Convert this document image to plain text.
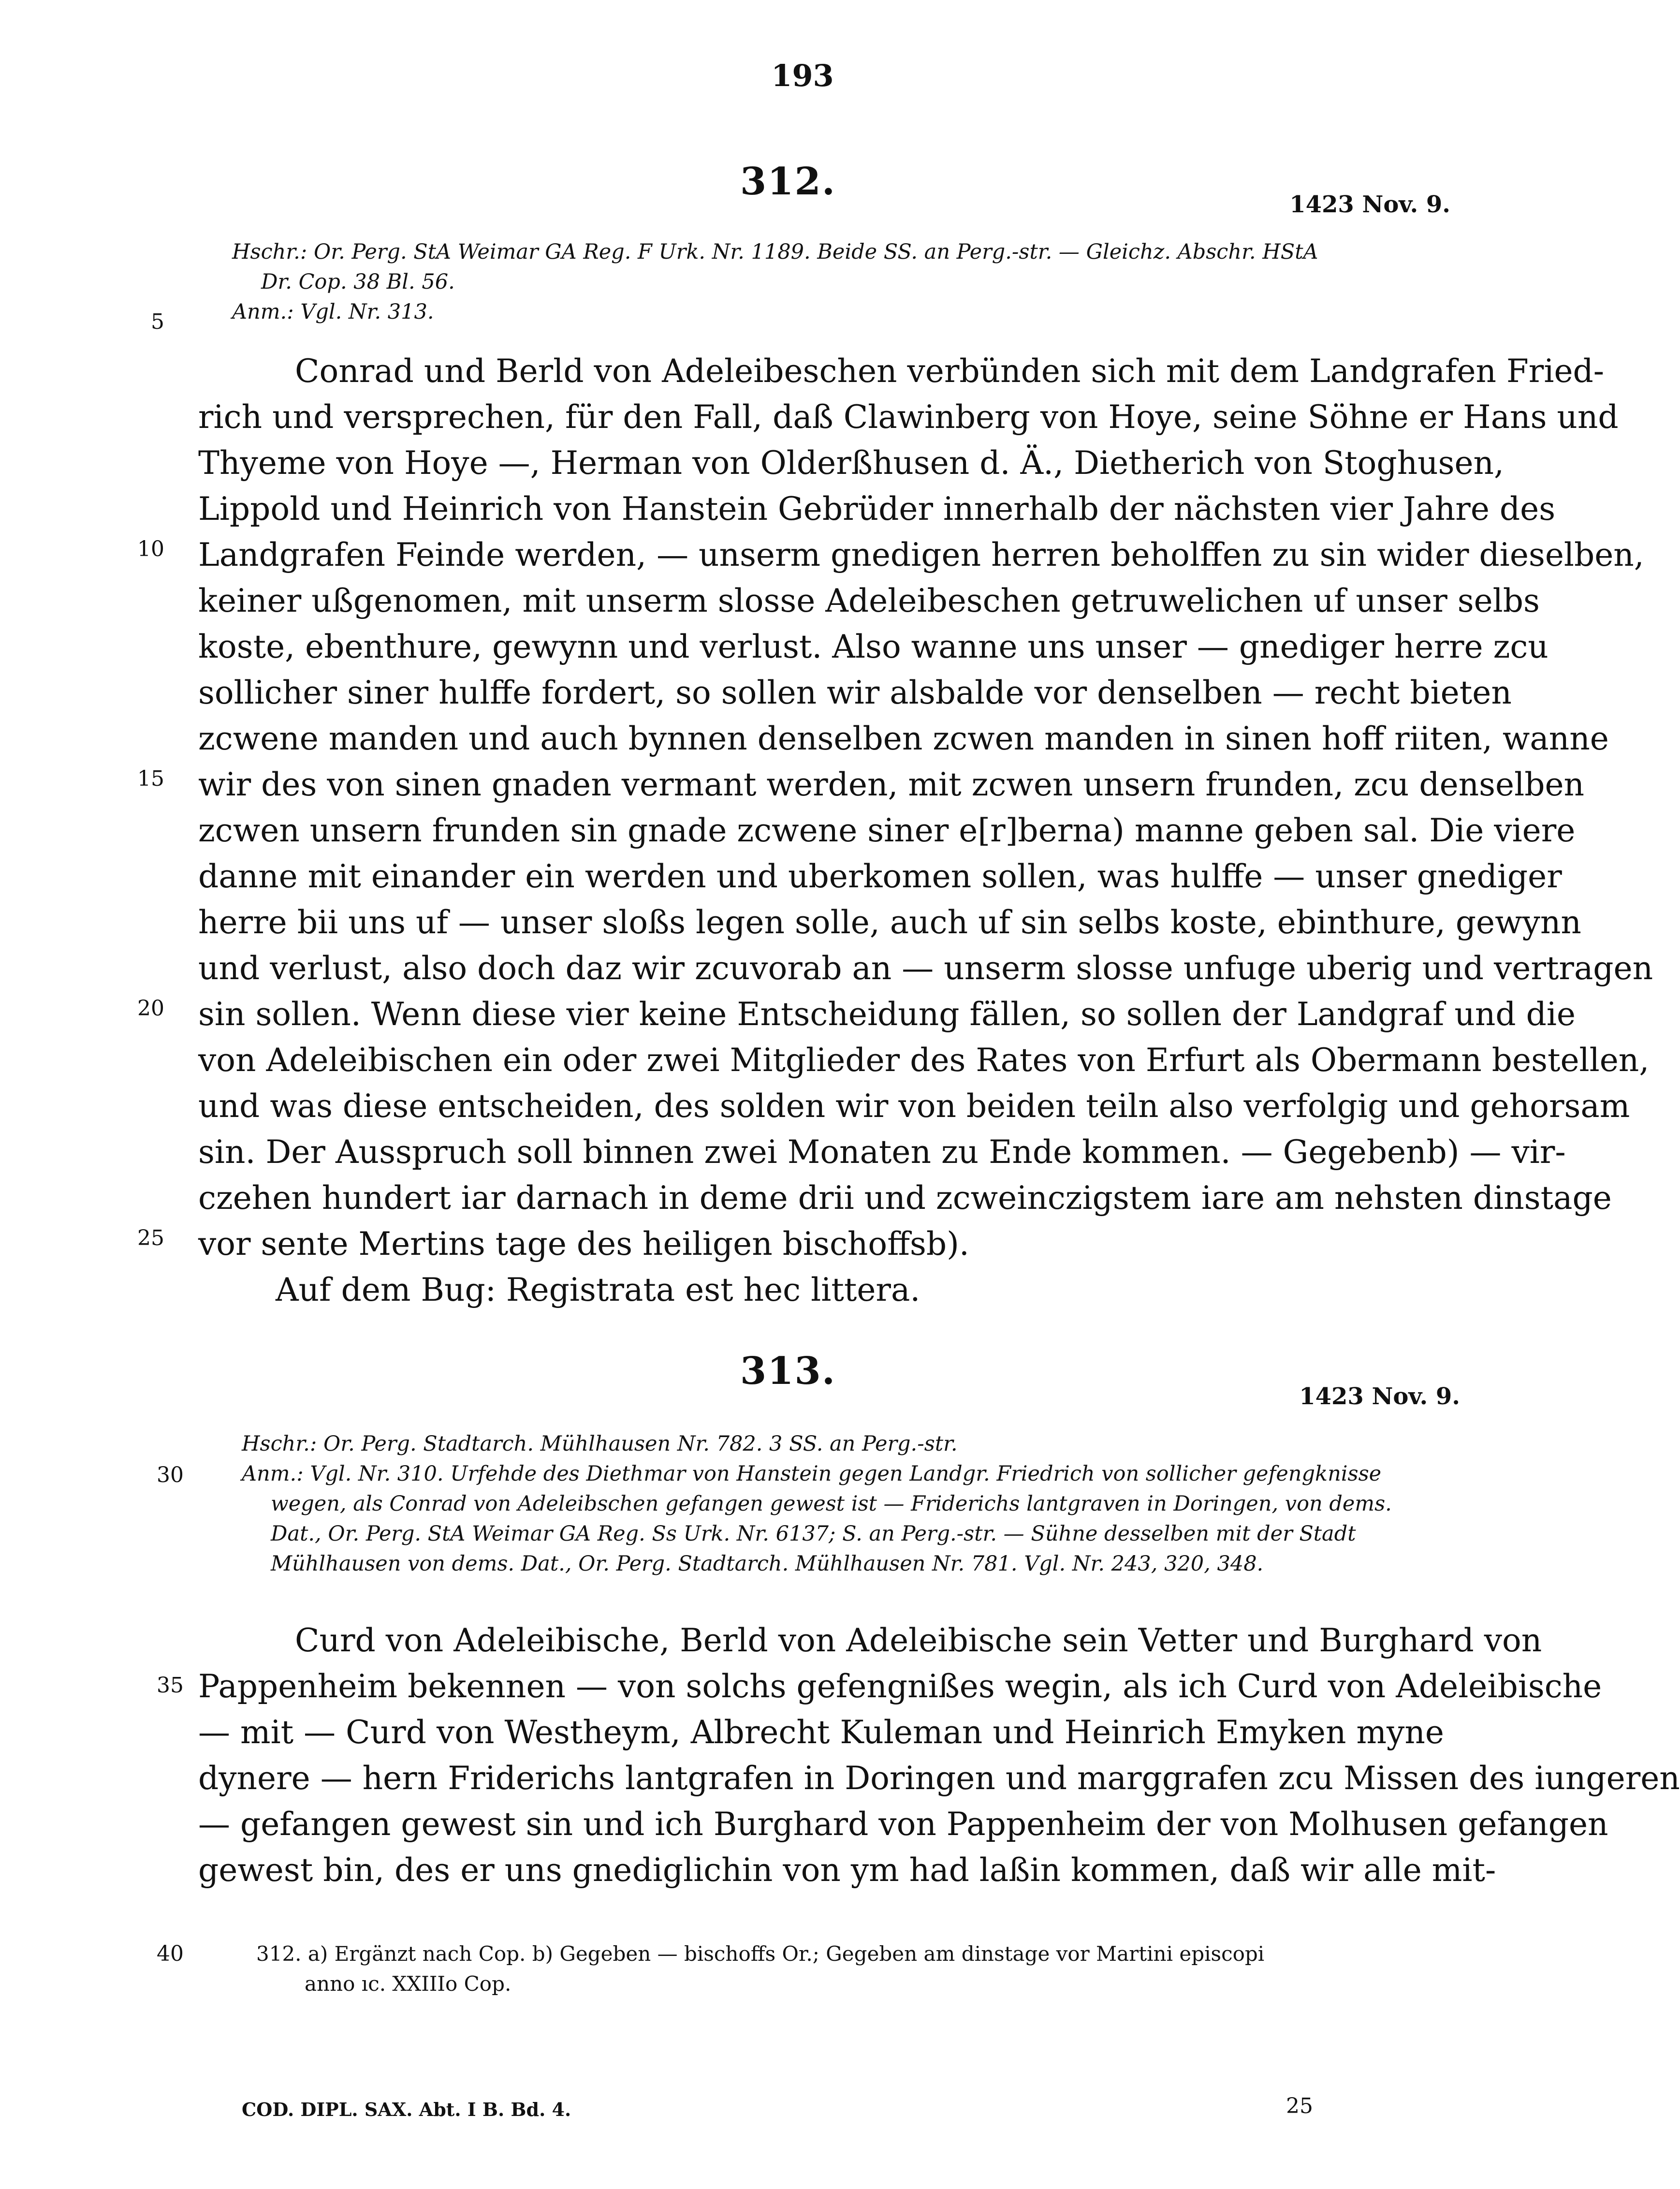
193
312.
1423 Nov. 9.
Hschr.: Or. Perg. StA Weimar GA Reg. F Urk. Nr. 1189. Beide SS. an Perg.-str. — Gleichz. Abschr. HStA
Dr. Cop. 38 Bl. 56.
Anm.: Vgl. Nr. 313.
Conrad und Berld von Adeleibeschen verbünden sich mit dem Landgrafen Fried-
rich und versprechen, für den Fall, daß Clawinberg von Hoye, seine Söhne er Hans und
Thyeme von Hoye —, Herman von Olderßhusen d. Ä., Dietherich von Stoghusen,
Lippold und Heinrich von Hanstein Gebrüder innerhalb der nächsten vier Jahre des
Landgrafen Feinde werden, — unserm gnedigen herren beholffen zu sin wider dieselben,
keiner ußgenomen, mit unserm slosse Adeleibeschen getruwelichen uf unser selbs
koste, ebenthure, gewynn und verlust. Also wanne uns unser — gnediger herre zcu
sollicher siner hulffe fordert, so sollen wir alsbalde vor denselben — recht bieten
zcwene manden und auch bynnen denselben zcwen manden in sinen hoff riiten, wanne
wir des von sinen gnaden vermant werden, mit zcwen unsern frunden, zcu denselben
zcwen unsern frunden sin gnade zcwene siner e[r]berna) manne geben sal. Die viere
danne mit einander ein werden und uberkomen sollen, was hulffe — unser gnediger
herre bii uns uf — unser sloßs legen solle, auch uf sin selbs koste, ebinthure, gewynn
und verlust, also doch daz wir zcuvorab an — unserm slosse unfuge uberig und vertragen
sin sollen. Wenn diese vier keine Entscheidung fällen, so sollen der Landgraf und die
von Adeleibischen ein oder zwei Mitglieder des Rates von Erfurt als Obermann bestellen,
und was diese entscheiden, des solden wir von beiden teiln also verfolgig und gehorsam
sin. Der Ausspruch soll binnen zwei Monaten zu Ende kommen. — Gegebenb) — vir-
czehen hundert iar darnach in deme drii und zcweinczigstem iare am nehsten dinstage
vor sente Mertins tage des heiligen bischoffsb).
Auf dem Bug: Registrata est hec littera.
313.
1423 Nov. 9.
Hschr.: Or. Perg. Stadtarch. Mühlhausen Nr. 782. 3 SS. an Perg.-str.
Anm.: Vgl. Nr. 310. Urfehde des Diethmar von Hanstein gegen Landgr. Friedrich von sollicher gefengknisse
wegen, als Conrad von Adeleibschen gefangen gewest ist — Friderichs lantgraven in Doringen, von dems.
Dat., Or. Perg. StA Weimar GA Reg. Ss Urk. Nr. 6137; S. an Perg.-str. — Sühne desselben mit der Stadt
Mühlhausen von dems. Dat., Or. Perg. Stadtarch. Mühlhausen Nr. 781. Vgl. Nr. 243, 320, 348.
Curd von Adeleibische, Berld von Adeleibische sein Vetter und Burghard von
Pappenheim bekennen — von solchs gefengnißes wegin, als ich Curd von Adeleibische
— mit — Curd von Westheym, Albrecht Kuleman und Heinrich Emyken myne
dynere — hern Friderichs lantgrafen in Doringen und marggrafen zcu Missen des iungeren
— gefangen gewest sin und ich Burghard von Pappenheim der von Molhusen gefangen
gewest bin, des er uns gnediglichin von ym had laßin kommen, daß wir alle mit-
5
10
15
20
25
30
35
40	312. a) Ergänzt nach Cop. b) Gegeben — bischoffs Or.; Gegeben am dinstage vor Martini episcopi
anno ıc. XXIIIo Cop.
COD. DIPL. SAX. Abt. I B. Bd. 4.	25
